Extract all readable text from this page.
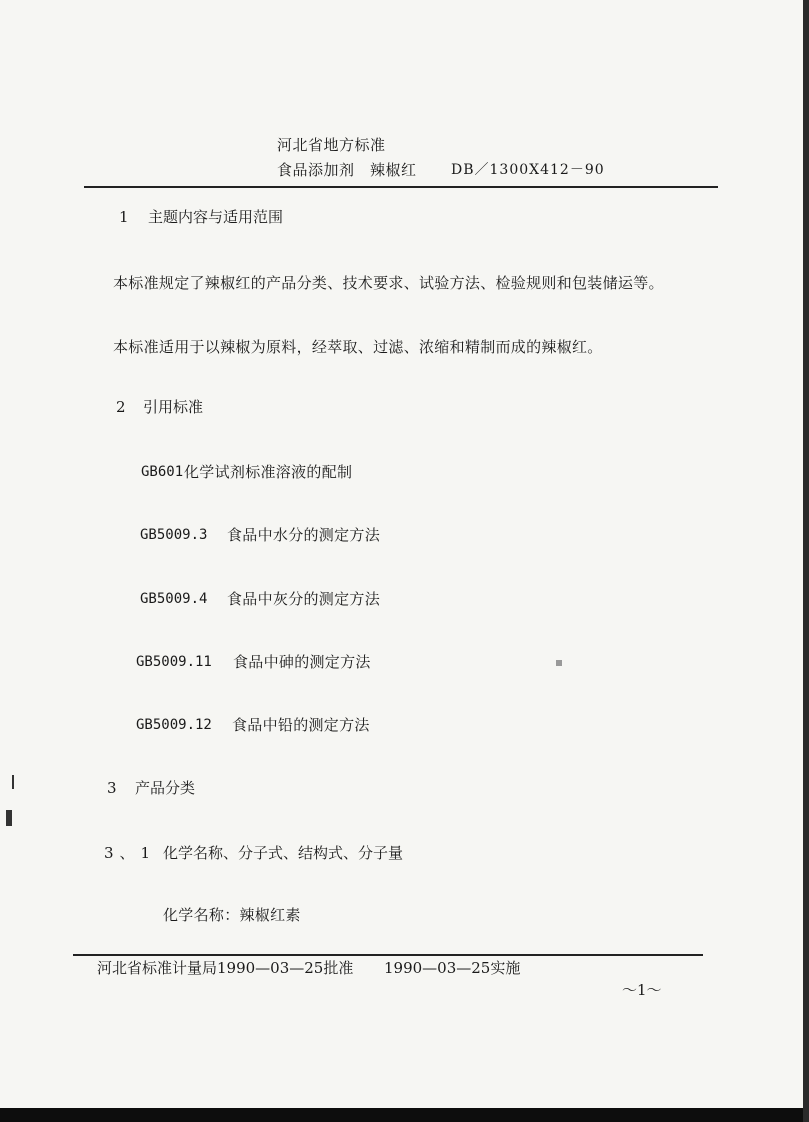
河北省地方标准
食品添加剂　辣椒红 DB／1300X412－90
1 主题内容与适用范围
本标准规定了辣椒红的产品分类、技术要求、试验方法、检验规则和包装储运等。
本标准适用于以辣椒为原料，经萃取、过滤、浓缩和精制而成的辣椒红。
2 引用标准
GB601 化学试剂标准溶液的配制
GB5009.3 食品中水分的测定方法
GB5009.4 食品中灰分的测定方法
GB5009.11 食品中砷的测定方法
GB5009.12 食品中铅的测定方法
3 产品分类
3、1 化学名称、分子式、结构式、分子量
化学名称：辣椒红素
河北省标准计量局1990—03—25批准 1990—03—25实施
～1～
